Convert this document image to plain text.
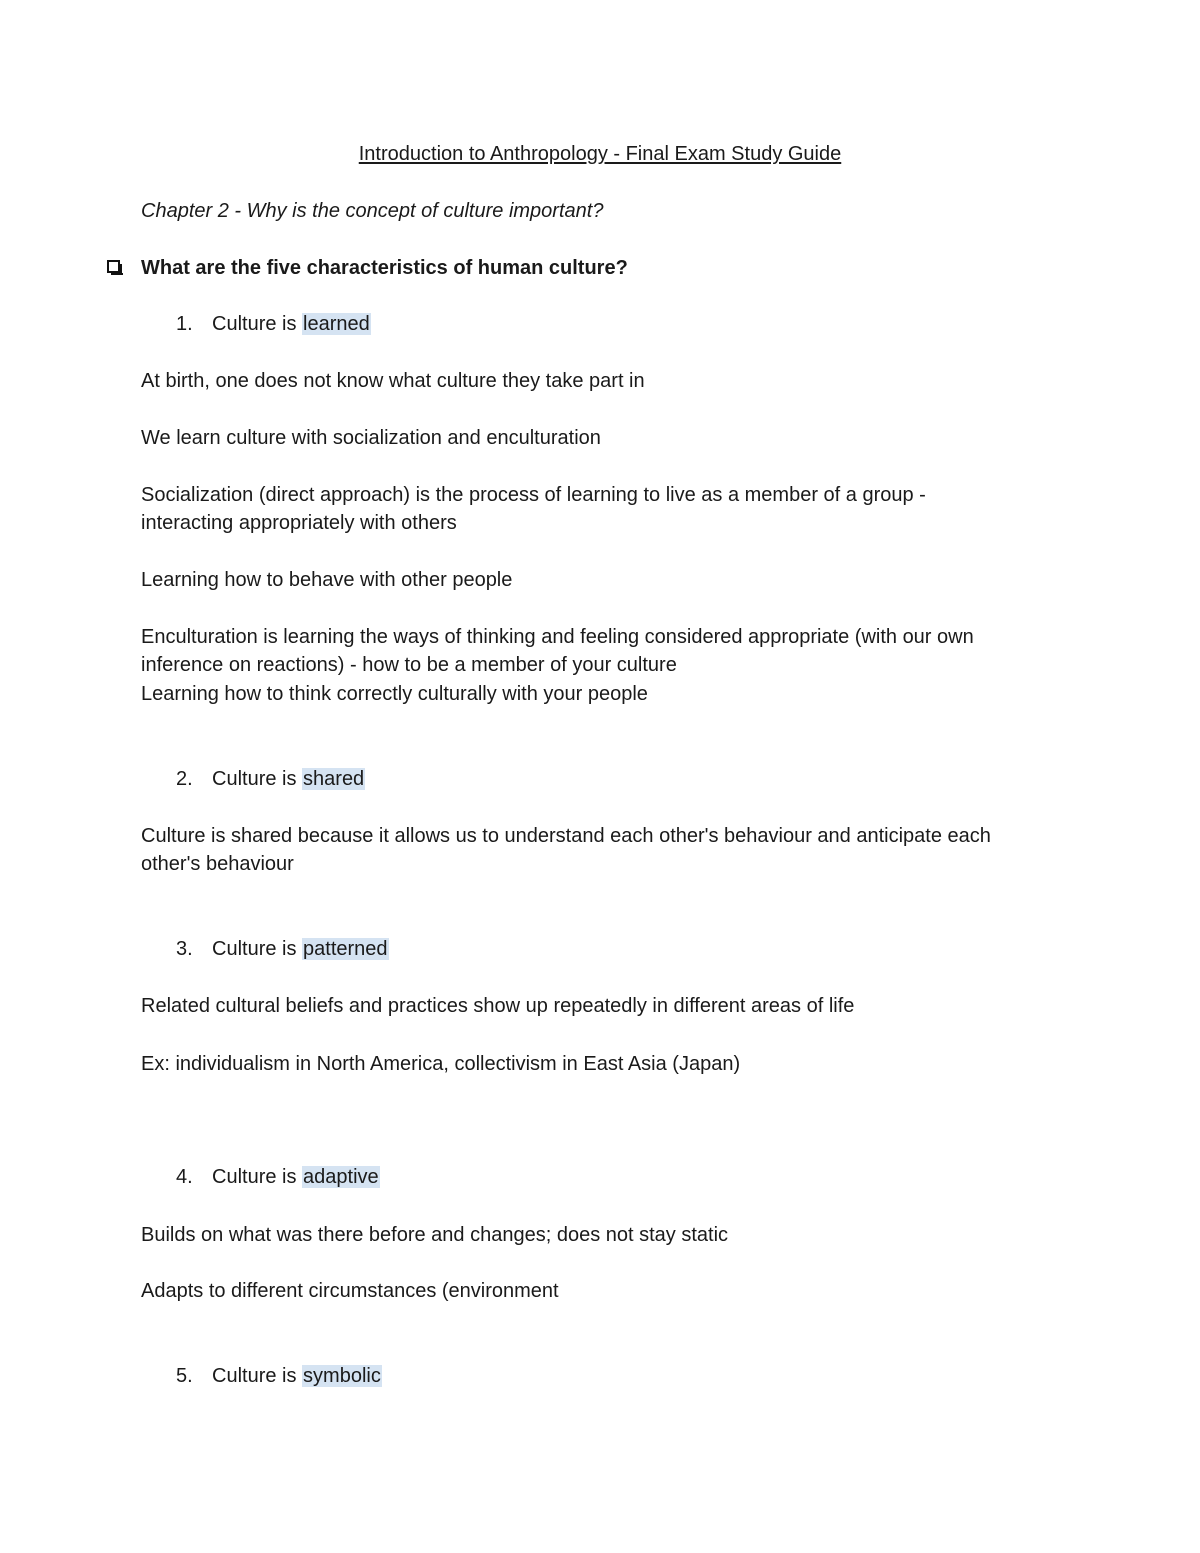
Introduction to Anthropology - Final Exam Study Guide
Chapter 2 - Why is the concept of culture important?
What are the five characteristics of human culture?
1. Culture is learned
At birth, one does not know what culture they take part in
We learn culture with socialization and enculturation
Socialization (direct approach) is the process of learning to live as a member of a group -
interacting appropriately with others
Learning how to behave with other people
Enculturation is learning the ways of thinking and feeling considered appropriate (with our own
inference on reactions) - how to be a member of your culture
Learning how to think correctly culturally with your people
2. Culture is shared
Culture is shared because it allows us to understand each other's behaviour and anticipate each
other's behaviour
3. Culture is patterned
Related cultural beliefs and practices show up repeatedly in different areas of life
Ex: individualism in North America, collectivism in East Asia (Japan)
4. Culture is adaptive
Builds on what was there before and changes; does not stay static
Adapts to different circumstances (environment
5. Culture is symbolic
